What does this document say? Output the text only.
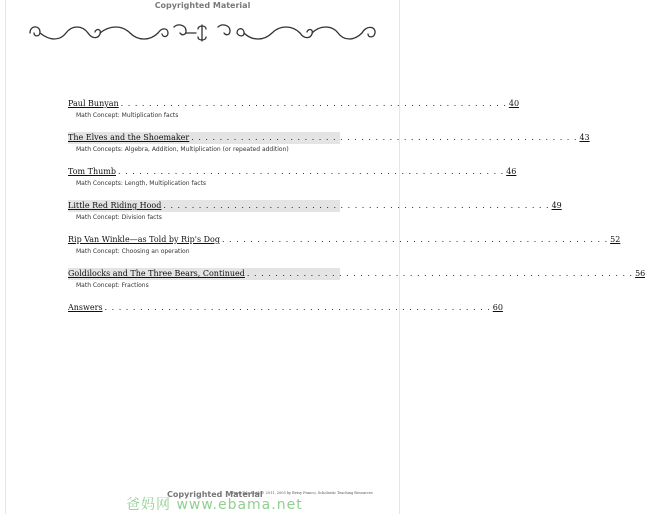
Copyrighted Material
Paul Bunyan . . . . . . . . . . . . . . . . . . . . . . . . . . . . . . . . . . . . . . . . . . . . . . . . . . . . . . . 40
Math Concept: Multiplication facts
The Elves and the Shoemaker . . . . . . . . . . . . . . . . . . . . . . . . . . . . . . . . . . . . . . . . . . . . . . . . . . . . . . . 43
Math Concepts: Algebra, Addition, Multiplication (or repeated addition)
Tom Thumb . . . . . . . . . . . . . . . . . . . . . . . . . . . . . . . . . . . . . . . . . . . . . . . . . . . . . . . 46
Math Concepts: Length, Multiplication facts
Little Red Riding Hood . . . . . . . . . . . . . . . . . . . . . . . . . . . . . . . . . . . . . . . . . . . . . . . . . . . . . . . 49
Math Concept: Division facts
Rip Van Winkle—as Told by Rip's Dog . . . . . . . . . . . . . . . . . . . . . . . . . . . . . . . . . . . . . . . . . . . . . . . . . . . . . . . 52
Math Concept: Choosing an operation
Goldilocks and The Three Bears, Continued . . . . . . . . . . . . . . . . . . . . . . . . . . . . . . . . . . . . . . . . . . . . . . . . . . . . . . . 56
Math Concept: Fractions
Answers . . . . . . . . . . . . . . . . . . . . . . . . . . . . . . . . . . . . . . . . . . . . . . . . . . . . . . . 60
Copyrighted Material
Fairy Tale Math © 2011, 2005 by Betsy Franco, Scholastic Teaching Resources
爸妈网 www.ebama.net
